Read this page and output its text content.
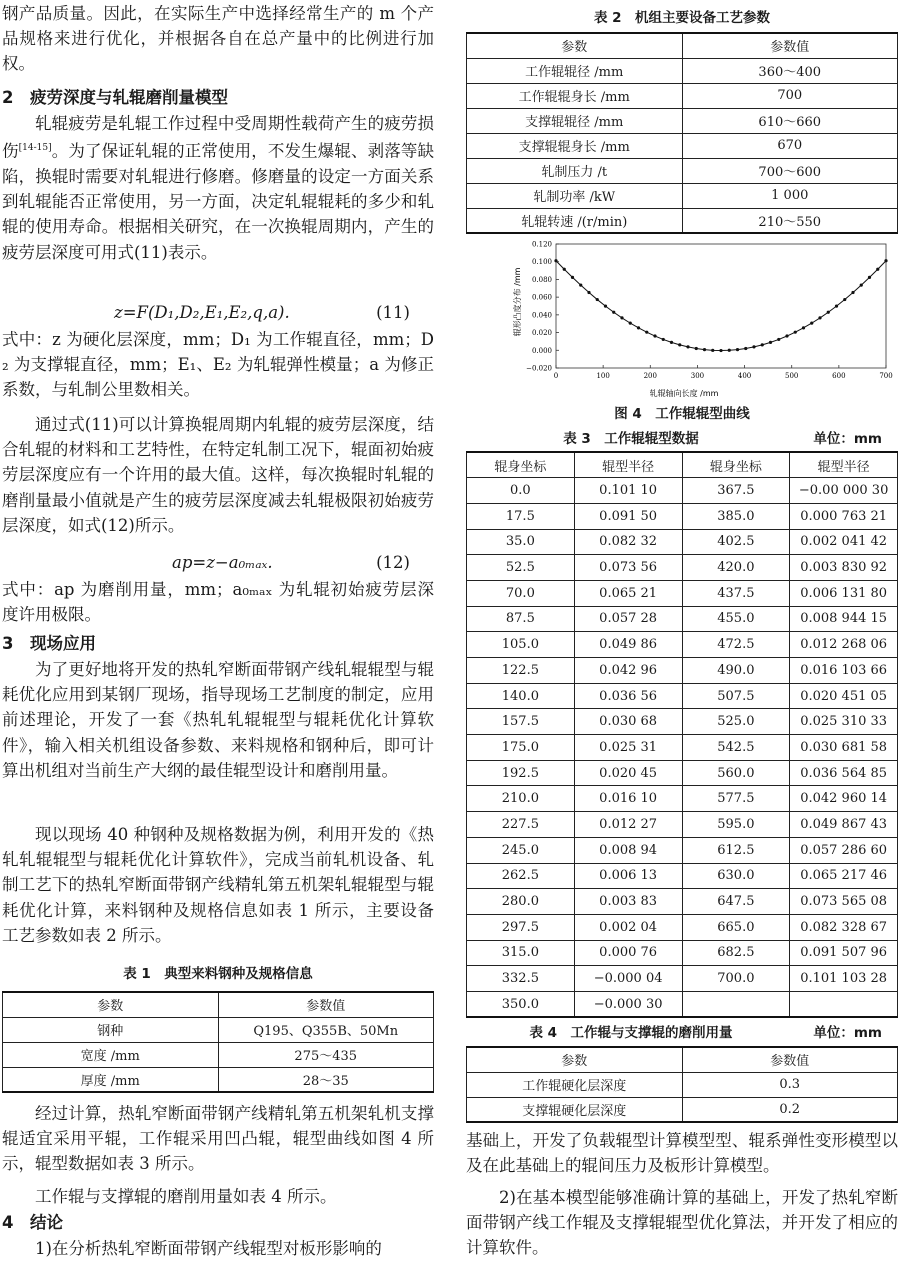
钢产品质量。因此，在实际生产中选择经常生产的 m 个产品规格来进行优化，并根据各自在总产量中的比例进行加权。

2　疲劳深度与轧辊磨削量模型

轧辊疲劳是轧辊工作过程中受周期性载荷产生的疲劳损伤[14-15]。为了保证轧辊的正常使用，不发生爆辊、剥落等缺陷，换辊时需要对轧辊进行修磨。修磨量的设定一方面关系到轧辊能否正常使用，另一方面，决定轧辊辊耗的多少和轧辊的使用寿命。根据相关研究，在一次换辊周期内，产生的疲劳层深度可用式(11)表示。

z=F(D₁,D₂,E₁,E₂,q,a).	(11)

式中：z 为硬化层深度，mm；D₁ 为工作辊直径，mm；D₂ 为支撑辊直径，mm；E₁、E₂ 为轧辊弹性模量；a 为修正系数，与轧制公里数相关。

通过式(11)可以计算换辊周期内轧辊的疲劳层深度，结合轧辊的材料和工艺特性，在特定轧制工况下，辊面初始疲劳层深度应有一个许用的最大值。这样，每次换辊时轧辊的磨削量最小值就是产生的疲劳层深度减去轧辊极限初始疲劳层深度，如式(12)所示。

ap=z−a₀ₘₐₓ.	(12)

式中：ap 为磨削用量，mm；a₀ₘₐₓ 为轧辊初始疲劳层深度许用极限。

3　现场应用

为了更好地将开发的热轧窄断面带钢产线轧辊辊型与辊耗优化应用到某钢厂现场，指导现场工艺制度的制定，应用前述理论，开发了一套《热轧轧辊辊型与辊耗优化计算软件》，输入相关机组设备参数、来料规格和钢种后，即可计算出机组对当前生产大纲的最佳辊型设计和磨削用量。

现以现场 40 种钢种及规格数据为例，利用开发的《热轧轧辊辊型与辊耗优化计算软件》，完成当前轧机设备、轧制工艺下的热轧窄断面带钢产线精轧第五机架轧辊辊型与辊耗优化计算，来料钢种及规格信息如表 1 所示，主要设备工艺参数如表 2 所示。

表 1　典型来料钢种及规格信息

参数	参数值
钢种	Q195、Q355B、50Mn
宽度 /mm	275～435
厚度 /mm	28～35

经过计算，热轧窄断面带钢产线精轧第五机架轧机支撑辊适宜采用平辊，工作辊采用凹凸辊，辊型曲线如图 4 所示，辊型数据如表 3 所示。

工作辊与支撑辊的磨削用量如表 4 所示。

4　结论

1)在分析热轧窄断面带钢产线辊型对板形影响的

表 2　机组主要设备工艺参数

参数	参数值
工作辊辊径 /mm	360～400
工作辊辊身长 /mm	700
支撑辊辊径 /mm	610～660
支撑辊辊身长 /mm	670
轧制压力 /t	700～600
轧制功率 /kW	1 000
轧辊转速 /(r/min)	210～550
−0.020
0.000
0.020
0.040
0.060
0.080
0.100
0.120
0	100	200	300	400	500	600	700
轧辊轴向长度 /mm
辊形凸度分布 /mm

图 4　工作辊辊型曲线

表 3　工作辊辊型数据	单位：mm
辊身坐标	辊型半径	辊身坐标	辊型半径
0.0	0.101 10	367.5	−0.00 000 30
17.5	0.091 50	385.0	0.000 763 21
35.0	0.082 32	402.5	0.002 041 42
52.5	0.073 56	420.0	0.003 830 92
70.0	0.065 21	437.5	0.006 131 80
87.5	0.057 28	455.0	0.008 944 15
105.0	0.049 86	472.5	0.012 268 06
122.5	0.042 96	490.0	0.016 103 66
140.0	0.036 56	507.5	0.020 451 05
157.5	0.030 68	525.0	0.025 310 33
175.0	0.025 31	542.5	0.030 681 58
192.5	0.020 45	560.0	0.036 564 85
210.0	0.016 10	577.5	0.042 960 14
227.5	0.012 27	595.0	0.049 867 43
245.0	0.008 94	612.5	0.057 286 60
262.5	0.006 13	630.0	0.065 217 46
280.0	0.003 83	647.5	0.073 565 08
297.5	0.002 04	665.0	0.082 328 67
315.0	0.000 76	682.5	0.091 507 96
332.5	−0.000 04	700.0	0.101 103 28
350.0	−0.000 30		

表 4　工作辊与支撑辊的磨削用量	单位：mm
参数	参数值
工作辊硬化层深度	0.3
支撑辊硬化层深度	0.2

基础上，开发了负载辊型计算模型型、辊系弹性变形模型以及在此基础上的辊间压力及板形计算模型。

2)在基本模型能够准确计算的基础上，开发了热轧窄断面带钢产线工作辊及支撑辊辊型优化算法，并开发了相应的计算软件。
